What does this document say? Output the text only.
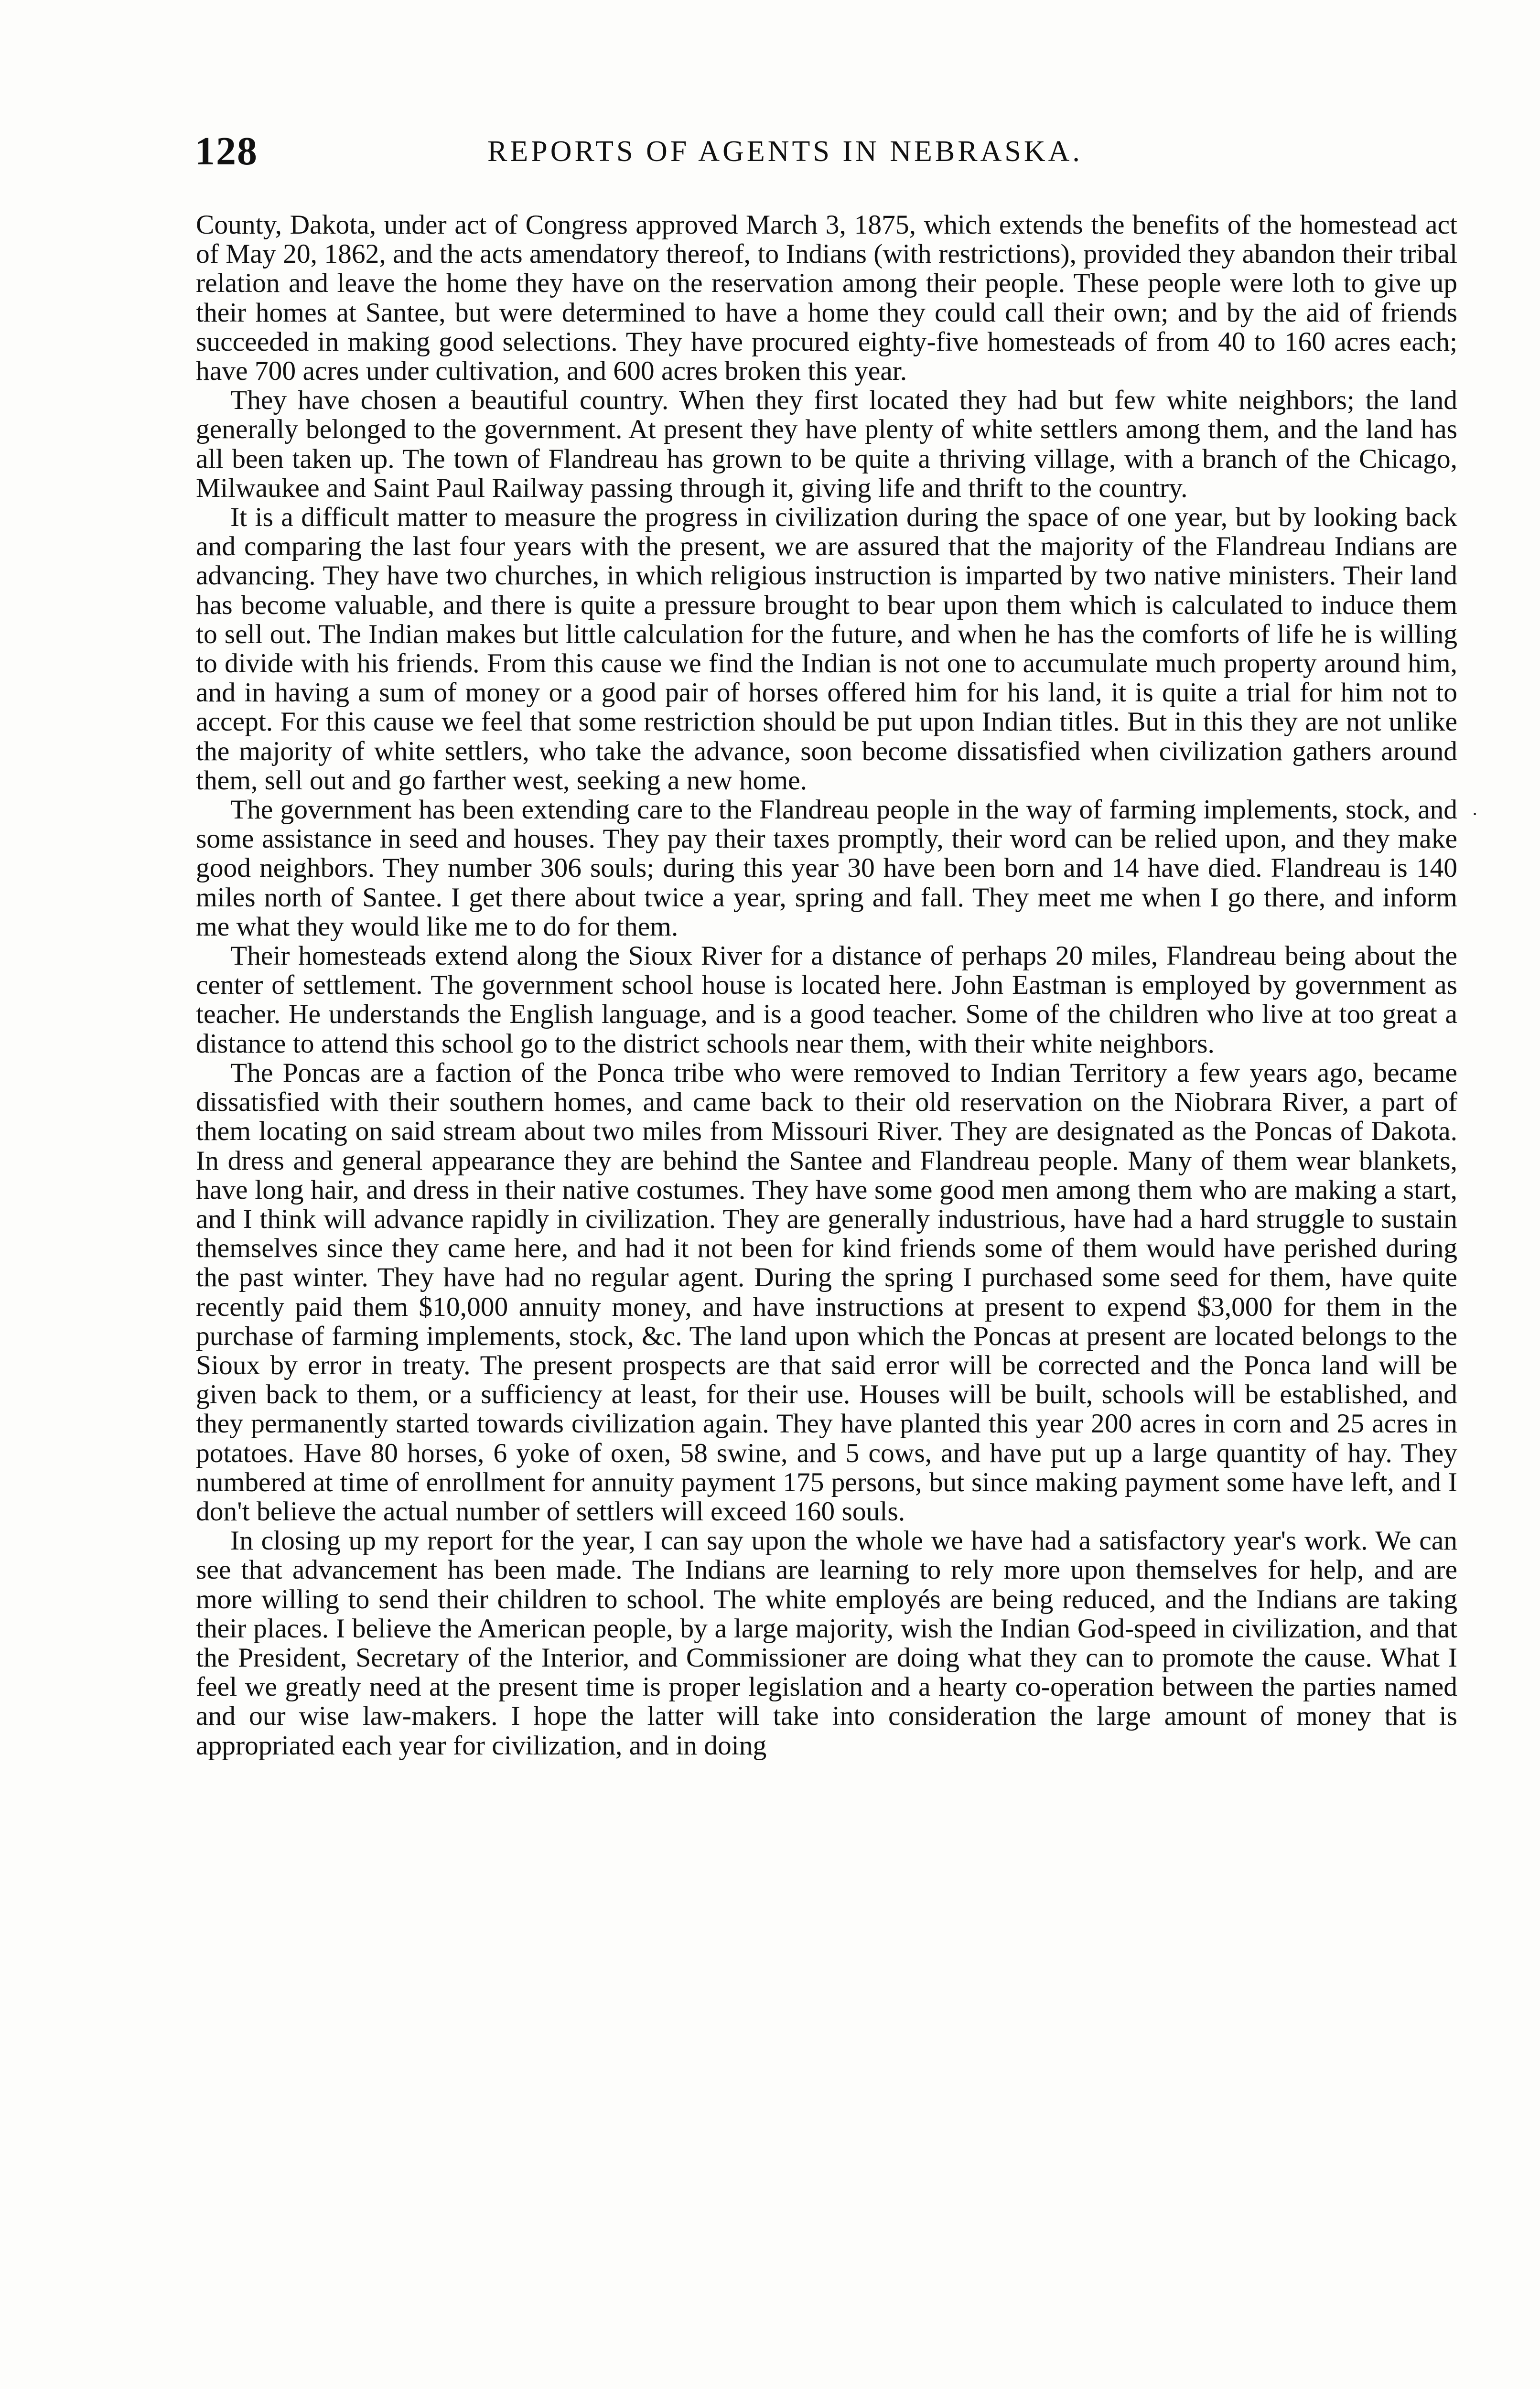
128	REPORTS OF AGENTS IN NEBRASKA.

County, Dakota, under act of Congress approved March 3, 1875, which extends the benefits of the homestead act of May 20, 1862, and the acts amendatory thereof, to Indians (with restrictions), provided they abandon their tribal relation and leave the home they have on the reservation among their people. These people were loth to give up their homes at Santee, but were determined to have a home they could call their own; and by the aid of friends succeeded in making good selections. They have procured eighty-five homesteads of from 40 to 160 acres each; have 700 acres under cultivation, and 600 acres broken this year.

They have chosen a beautiful country. When they first located they had but few white neighbors; the land generally belonged to the government. At present they have plenty of white settlers among them, and the land has all been taken up. The town of Flandreau has grown to be quite a thriving village, with a branch of the Chicago, Milwaukee and Saint Paul Railway passing through it, giving life and thrift to the country.

It is a difficult matter to measure the progress in civilization during the space of one year, but by looking back and comparing the last four years with the present, we are assured that the majority of the Flandreau Indians are advancing. They have two churches, in which religious instruction is imparted by two native ministers. Their land has become valuable, and there is quite a pressure brought to bear upon them which is calculated to induce them to sell out. The Indian makes but little calculation for the future, and when he has the comforts of life he is willing to divide with his friends. From this cause we find the Indian is not one to accumulate much property around him, and in having a sum of money or a good pair of horses offered him for his land, it is quite a trial for him not to accept. For this cause we feel that some restriction should be put upon Indian titles. But in this they are not unlike the majority of white settlers, who take the advance, soon become dissatisfied when civilization gathers around them, sell out and go farther west, seeking a new home.

The government has been extending care to the Flandreau people in the way of farming implements, stock, and some assistance in seed and houses. They pay their taxes promptly, their word can be relied upon, and they make good neighbors. They number 306 souls; during this year 30 have been born and 14 have died. Flandreau is 140 miles north of Santee. I get there about twice a year, spring and fall. They meet me when I go there, and inform me what they would like me to do for them.

Their homesteads extend along the Sioux River for a distance of perhaps 20 miles, Flandreau being about the center of settlement. The government school house is located here. John Eastman is employed by government as teacher. He understands the English language, and is a good teacher. Some of the children who live at too great a distance to attend this school go to the district schools near them, with their white neighbors.

The Poncas are a faction of the Ponca tribe who were removed to Indian Territory a few years ago, became dissatisfied with their southern homes, and came back to their old reservation on the Niobrara River, a part of them locating on said stream about two miles from Missouri River. They are designated as the Poncas of Dakota. In dress and general appearance they are behind the Santee and Flandreau people. Many of them wear blankets, have long hair, and dress in their native costumes. They have some good men among them who are making a start, and I think will advance rapidly in civilization. They are generally industrious, have had a hard struggle to sustain themselves since they came here, and had it not been for kind friends some of them would have perished during the past winter. They have had no regular agent. During the spring I purchased some seed for them, have quite recently paid them $10,000 annuity money, and have instructions at present to expend $3,000 for them in the purchase of farming implements, stock, &c. The land upon which the Poncas at present are located belongs to the Sioux by error in treaty. The present prospects are that said error will be corrected and the Ponca land will be given back to them, or a sufficiency at least, for their use. Houses will be built, schools will be established, and they permanently started towards civilization again. They have planted this year 200 acres in corn and 25 acres in potatoes. Have 80 horses, 6 yoke of oxen, 58 swine, and 5 cows, and have put up a large quantity of hay. They numbered at time of enrollment for annuity payment 175 persons, but since making payment some have left, and I don't believe the actual number of settlers will exceed 160 souls.

In closing up my report for the year, I can say upon the whole we have had a satisfactory year's work. We can see that advancement has been made. The Indians are learning to rely more upon themselves for help, and are more willing to send their children to school. The white employés are being reduced, and the Indians are taking their places. I believe the American people, by a large majority, wish the Indian God-speed in civilization, and that the President, Secretary of the Interior, and Commissioner are doing what they can to promote the cause. What I feel we greatly need at the present time is proper legislation and a hearty co-operation between the parties named and our wise law-makers. I hope the latter will take into consideration the large amount of money that is appropriated each year for civilization, and in doing

·
